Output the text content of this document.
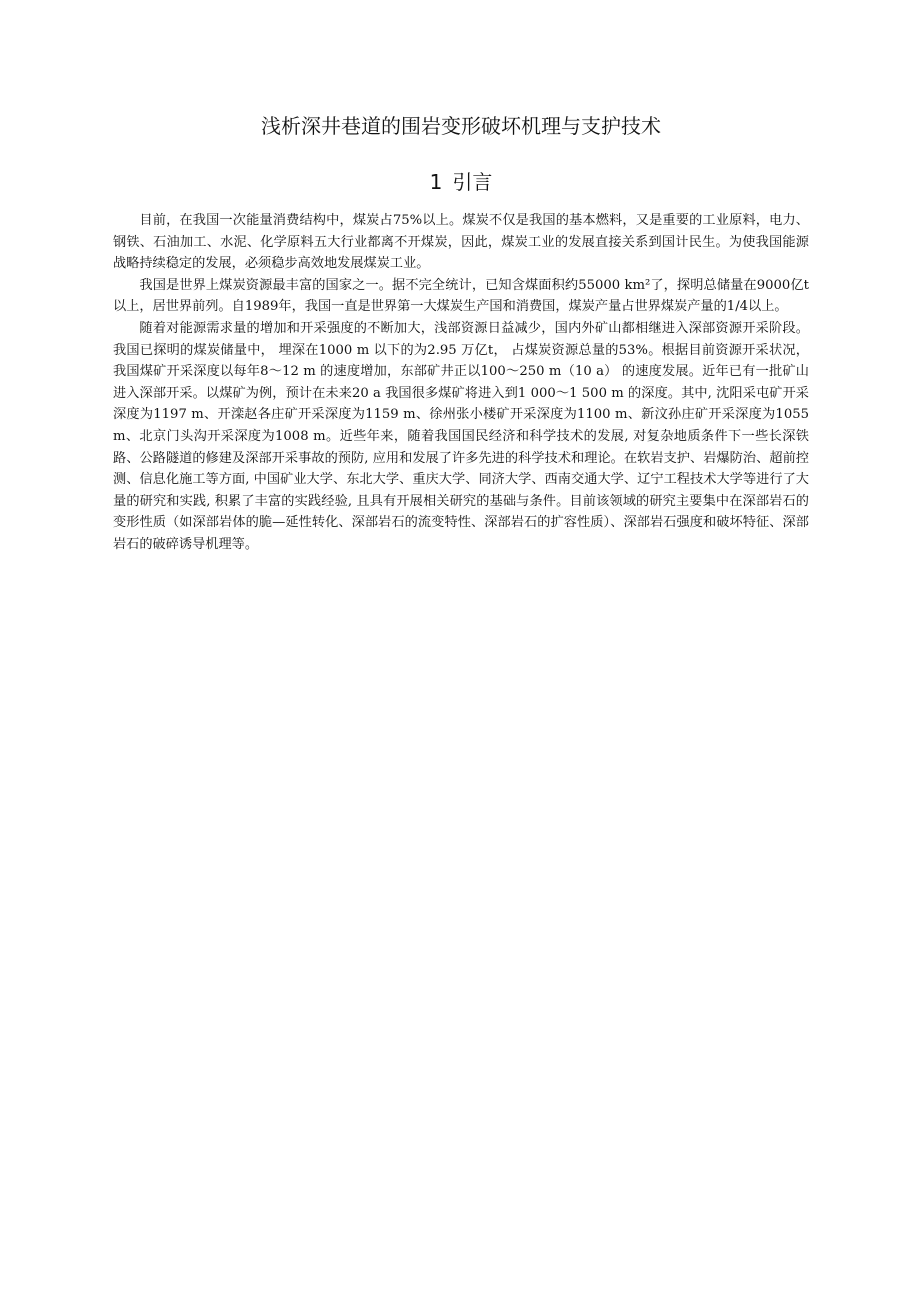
浅析深井巷道的围岩变形破坏机理与支护技术
1 引言

目前，在我国一次能量消费结构中，煤炭占75%以上。煤炭不仅是我国的基本燃料，又是重要的工业原料，电力、钢铁、石油加工、水泥、化学原料五大行业都离不开煤炭，因此，煤炭工业的发展直接关系到国计民生。为使我国能源战略持续稳定的发展，必须稳步高效地发展煤炭工业。

我国是世界上煤炭资源最丰富的国家之一。据不完全统计，已知含煤面积约55000 km²了，探明总储量在9000亿t以上，居世界前列。自1989年，我国一直是世界第一大煤炭生产国和消费国，煤炭产量占世界煤炭产量的1/4以上。

随着对能源需求量的增加和开采强度的不断加大，浅部资源日益减少，国内外矿山都相继进入深部资源开采阶段。我国已探明的煤炭储量中， 埋深在1000 m 以下的为2.95 万亿t， 占煤炭资源总量的53%。根据目前资源开采状况，我国煤矿开采深度以每年8～12 m 的速度增加，东部矿井正以100～250 m（10 a） 的速度发展。近年已有一批矿山进入深部开采。以煤矿为例，预计在未来20 a 我国很多煤矿将进入到1 000～1 500 m 的深度。其中, 沈阳采屯矿开采深度为1197 m、开滦赵各庄矿开采深度为1159 m、徐州张小楼矿开采深度为1100 m、新汶孙庄矿开采深度为1055 m、北京门头沟开采深度为1008 m。近些年来，随着我国国民经济和科学技术的发展, 对复杂地质条件下一些长深铁路、公路隧道的修建及深部开采事故的预防, 应用和发展了许多先进的科学技术和理论。在软岩支护、岩爆防治、超前控测、信息化施工等方面, 中国矿业大学、东北大学、重庆大学、同济大学、西南交通大学、辽宁工程技术大学等进行了大量的研究和实践, 积累了丰富的实践经验, 且具有开展相关研究的基础与条件。目前该领域的研究主要集中在深部岩石的变形性质（如深部岩体的脆—延性转化、深部岩石的流变特性、深部岩石的扩容性质）、深部岩石强度和破坏特征、深部岩石的破碎诱导机理等。
